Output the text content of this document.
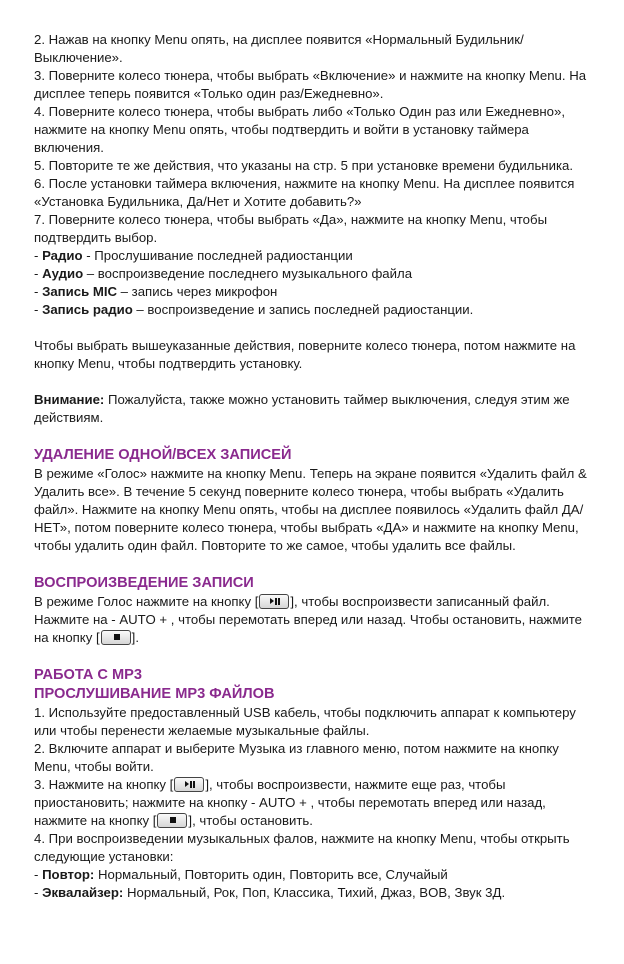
2. Нажав на кнопку Menu опять, на дисплее появится «Нормальный Будильник/ Выключение».

3. Поверните колесо тюнера, чтобы выбрать «Включение» и нажмите на кнопку Menu. На дисплее теперь появится «Только один раз/Ежедневно».

4. Поверните колесо тюнера, чтобы выбрать либо «Только Один раз или Ежедневно», нажмите на кнопку Menu опять, чтобы подтвердить и войти в установку таймера включения.

5. Повторите те же действия, что указаны на стр. 5 при установке времени будильника.

6. После установки таймера включения, нажмите на кнопку Menu. На дисплее появится «Установка Будильника, Да/Нет и Хотите добавить?»

7. Поверните колесо тюнера, чтобы выбрать «Да», нажмите на кнопку Menu, чтобы подтвердить выбор.

- Радио - Прослушивание последней радиостанции

- Аудио – воспроизведение последнего музыкального файла

- Запись MIC – запись через микрофон

- Запись радио – воспроизведение и запись последней радиостанции.

Чтобы выбрать вышеуказанные действия, поверните колесо тюнера, потом нажмите на кнопку Menu, чтобы подтвердить установку.

Внимание: Пожалуйста, также можно установить таймер выключения, следуя этим же действиям.

УДАЛЕНИЕ ОДНОЙ/ВСЕХ ЗАПИСЕЙ

В режиме «Голос» нажмите на кнопку Menu. Теперь на экране появится «Удалить файл & Удалить все». В течение 5 секунд поверните колесо тюнера, чтобы выбрать «Удалить файл». Нажмите на кнопку Menu опять, чтобы на дисплее появилось «Удалить файл ДА/НЕТ», потом поверните колесо тюнера, чтобы выбрать «ДА» и нажмите на кнопку Menu, чтобы удалить один файл. Повторите то же самое, чтобы удалить все файлы.

ВОСПРОИЗВЕДЕНИЕ ЗАПИСИ

В режиме Голос нажмите на кнопку [ ], чтобы воспроизвести записанный файл. Нажмите на - AUTO + , чтобы перемотать вперед или назад. Чтобы остановить, нажмите на кнопку [ ].

РАБОТА С MP3
ПРОСЛУШИВАНИЕ MP3 ФАЙЛОВ

1. Используйте предоставленный USB кабель, чтобы подключить аппарат к компьютеру или чтобы перенести желаемые музыкальные файлы.

2. Включите аппарат и выберите Музыка из главного меню, потом нажмите на кнопку Menu, чтобы войти.

3. Нажмите на кнопку [ ], чтобы воспроизвести, нажмите еще раз, чтобы приостановить; нажмите на кнопку - AUTO + , чтобы перемотать вперед или назад, нажмите на кнопку [ ], чтобы остановить.

4. При воспроизведении музыкальных фалов, нажмите на кнопку Menu, чтобы открыть следующие установки:

- Повтор: Нормальный, Повторить один, Повторить все, Случайый

- Эквалайзер: Нормальный, Рок, Поп, Классика, Тихий, Джаз, BOB, Звук 3Д.
